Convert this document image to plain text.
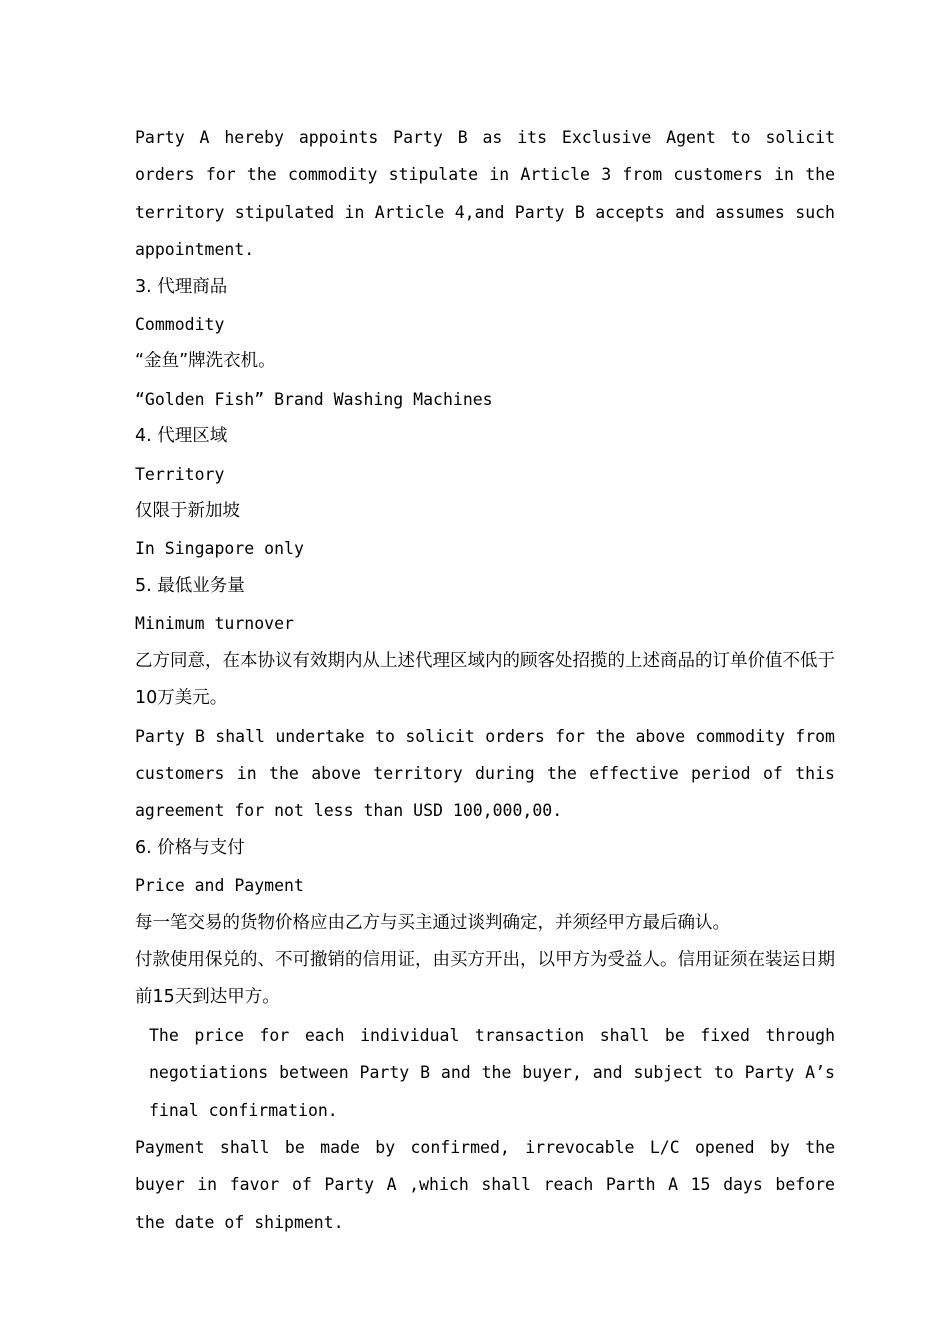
Party A hereby appoints Party B as its Exclusive Agent to solicit orders for the commodity stipulate in Article 3 from customers in the territory stipulated in Article 4,and Party B accepts and assumes such appointment.

3. 代理商品

Commodity

“金鱼”牌洗衣机。

“Golden Fish” Brand Washing Machines

4. 代理区域

Territory

仅限于新加坡

In Singapore only

5. 最低业务量

Minimum turnover

乙方同意，在本协议有效期内从上述代理区域内的顾客处招揽的上述商品的订单价值不低于10万美元。

Party B shall undertake to solicit orders for the above commodity from customers in the above territory during the effective period of this agreement for not less than USD 100,000,00.

6. 价格与支付

Price and Payment

每一笔交易的货物价格应由乙方与买主通过谈判确定，并须经甲方最后确认。

付款使用保兑的、不可撤销的信用证，由买方开出，以甲方为受益人。信用证须在装运日期前15天到达甲方。

The price for each individual transaction shall be fixed through negotiations between Party B and the buyer, and subject to Party A’s final confirmation.

Payment shall be made by confirmed, irrevocable L/C opened by the buyer in favor of Party A ,which shall reach Parth A 15 days before the date of shipment.
